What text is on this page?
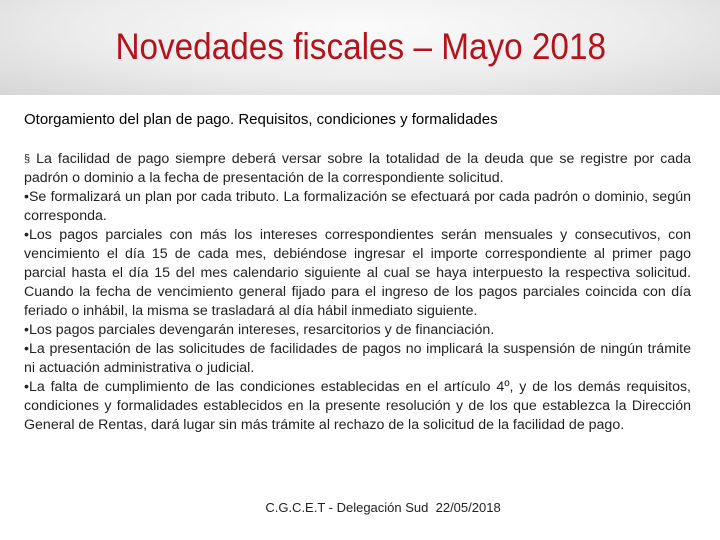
Novedades fiscales – Mayo 2018
Otorgamiento del plan de pago. Requisitos, condiciones y formalidades

§ La facilidad de pago siempre deberá versar sobre la totalidad de la deuda que se registre por cada padrón o dominio a la fecha de presentación de la correspondiente solicitud.

•Se formalizará un plan por cada tributo. La formalización se efectuará por cada padrón o dominio, según corresponda.

•Los pagos parciales con más los intereses correspondientes serán mensuales y consecutivos, con vencimiento el día 15 de cada mes, debiéndose ingresar el importe correspondiente al primer pago parcial hasta el día 15 del mes calendario siguiente al cual se haya interpuesto la respectiva solicitud. Cuando la fecha de vencimiento general fijado para el ingreso de los pagos parciales coincida con día feriado o inhábil, la misma se trasladará al día hábil inmediato siguiente.

•Los pagos parciales devengarán intereses, resarcitorios y de financiación.

•La presentación de las solicitudes de facilidades de pagos no implicará la suspensión de ningún trámite ni actuación administrativa o judicial.

•La falta de cumplimiento de las condiciones establecidas en el artículo 4º, y de los demás requisitos, condiciones y formalidades establecidos en la presente resolución y de los que establezca la Dirección General de Rentas, dará lugar sin más trámite al rechazo de la solicitud de la facilidad de pago.

C.G.C.E.T - Delegación Sud  22/05/2018
